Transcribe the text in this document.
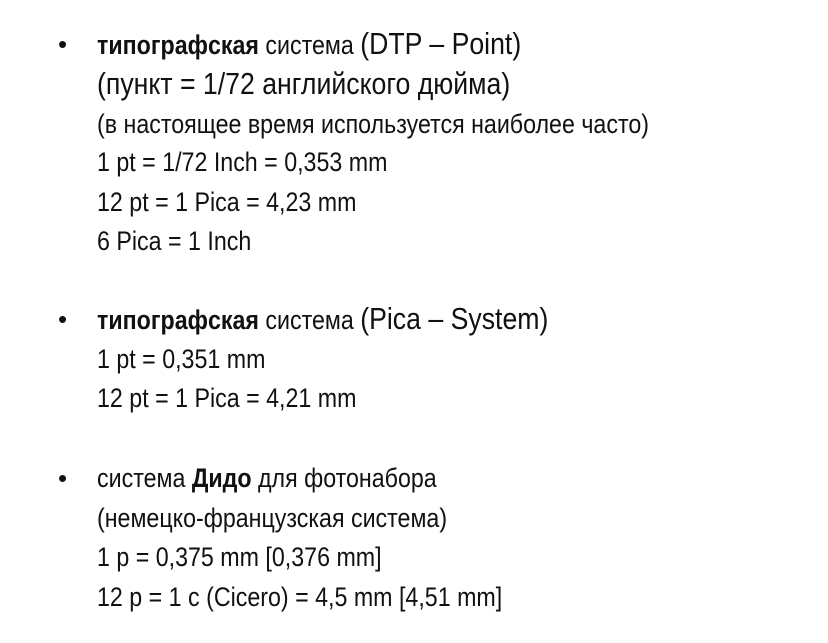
• типографская система (DTP – Point)
(пункт = 1/72 английского дюйма)
(в настоящее время используется наиболее часто)
1 pt = 1/72 Inch = 0,353 mm
12 pt = 1 Pica = 4,23 mm
6 Pica = 1 Inch
• типографская система (Pica – System)
1 pt = 0,351 mm
12 pt = 1 Pica = 4,21 mm
• система Дидо для фотонабора
(немецко-французская система)
1 p = 0,375 mm [0,376 mm]
12 p = 1 c (Cicero) = 4,5 mm [4,51 mm]
